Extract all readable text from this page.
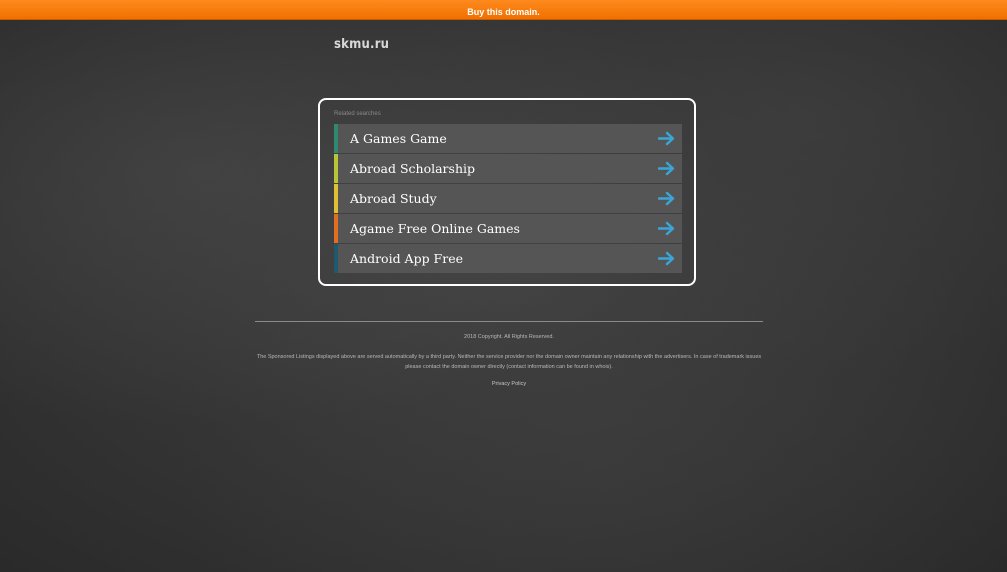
Buy this domain.
skmu.ru
Related searches
A Games Game
Abroad Scholarship
Abroad Study
Agame Free Online Games
Android App Free
2018 Copyright. All Rights Reserved.
The Sponsored Listings displayed above are served automatically by a third party. Neither the service provider nor the domain owner maintain any relationship with the advertisers. In case of trademark issues please contact the domain owner directly (contact information can be found in whois).
Privacy Policy
